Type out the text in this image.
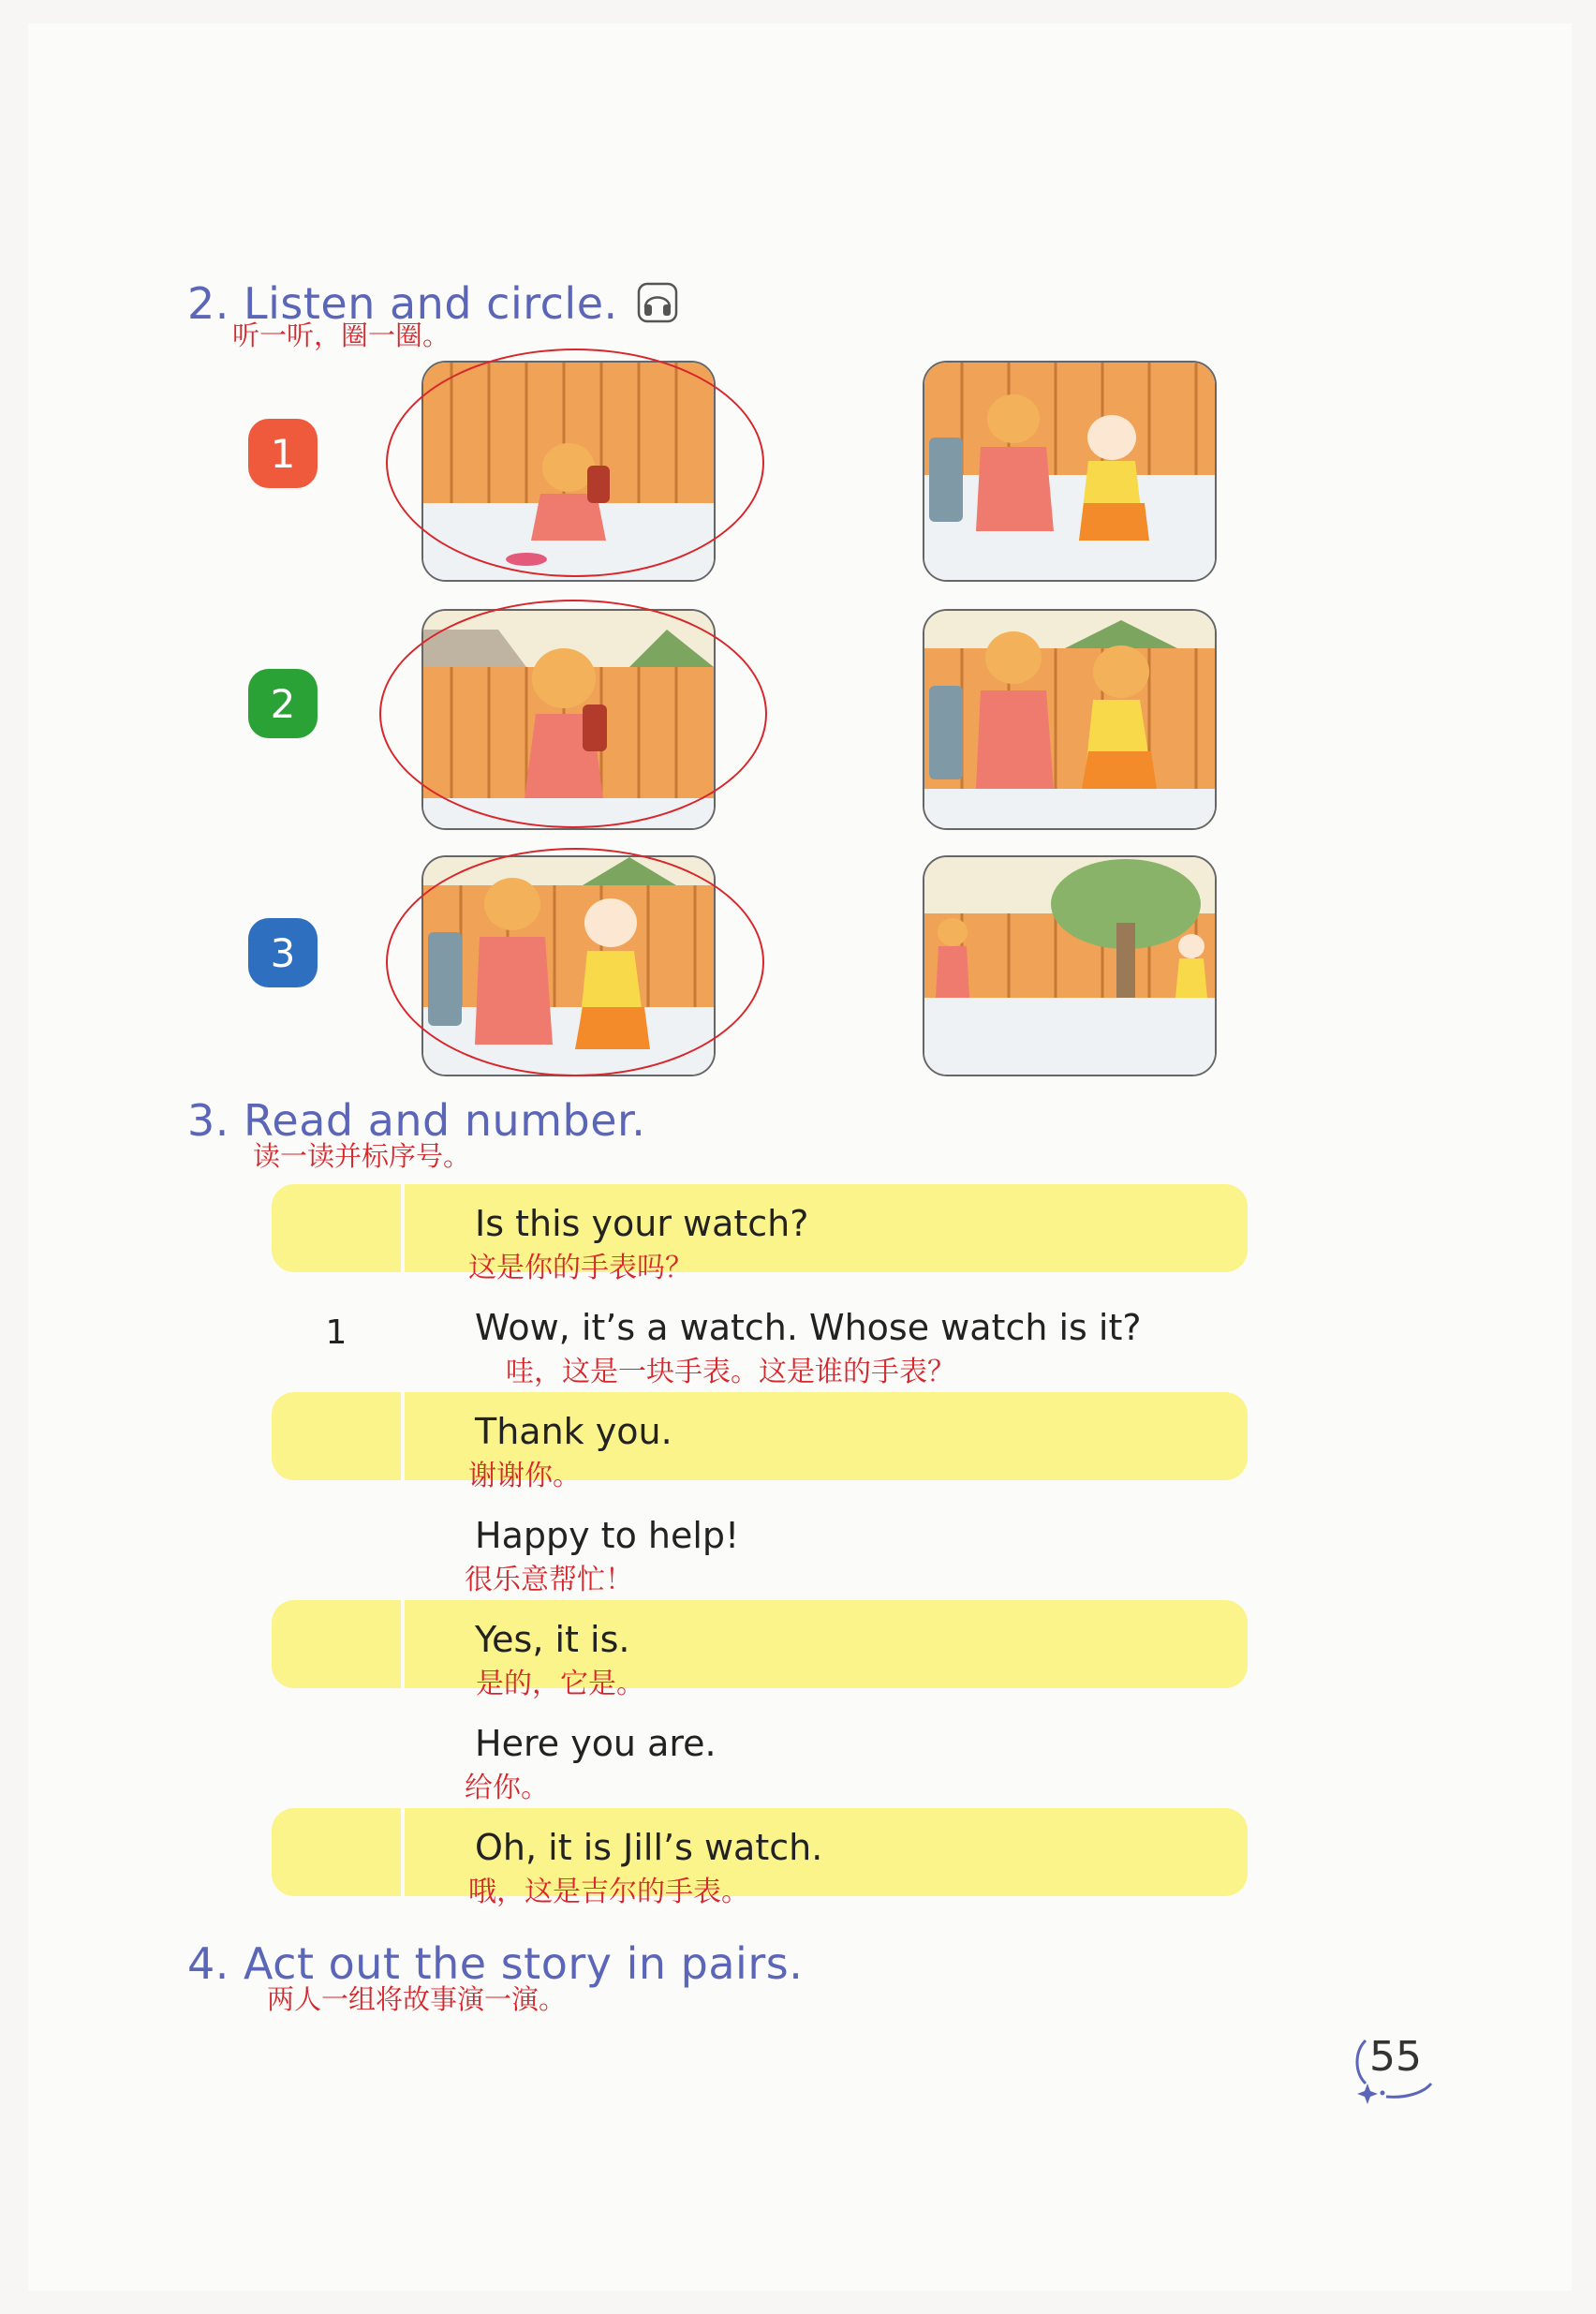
2. Listen and circle.
听一听，圈一圈。
1
2
3
3. Read and number.
读一读并标序号。
Is this your watch?
这是你的手表吗？
1	Wow, it’s a watch. Whose watch is it?
哇，这是一块手表。这是谁的手表？
Thank you.
谢谢你。
Happy to help!
很乐意帮忙！
Yes, it is.
是的，它是。
Here you are.
给你。
Oh, it is Jill’s watch.
哦，这是吉尔的手表。
4. Act out the story in pairs.
两人一组将故事演一演。
55
